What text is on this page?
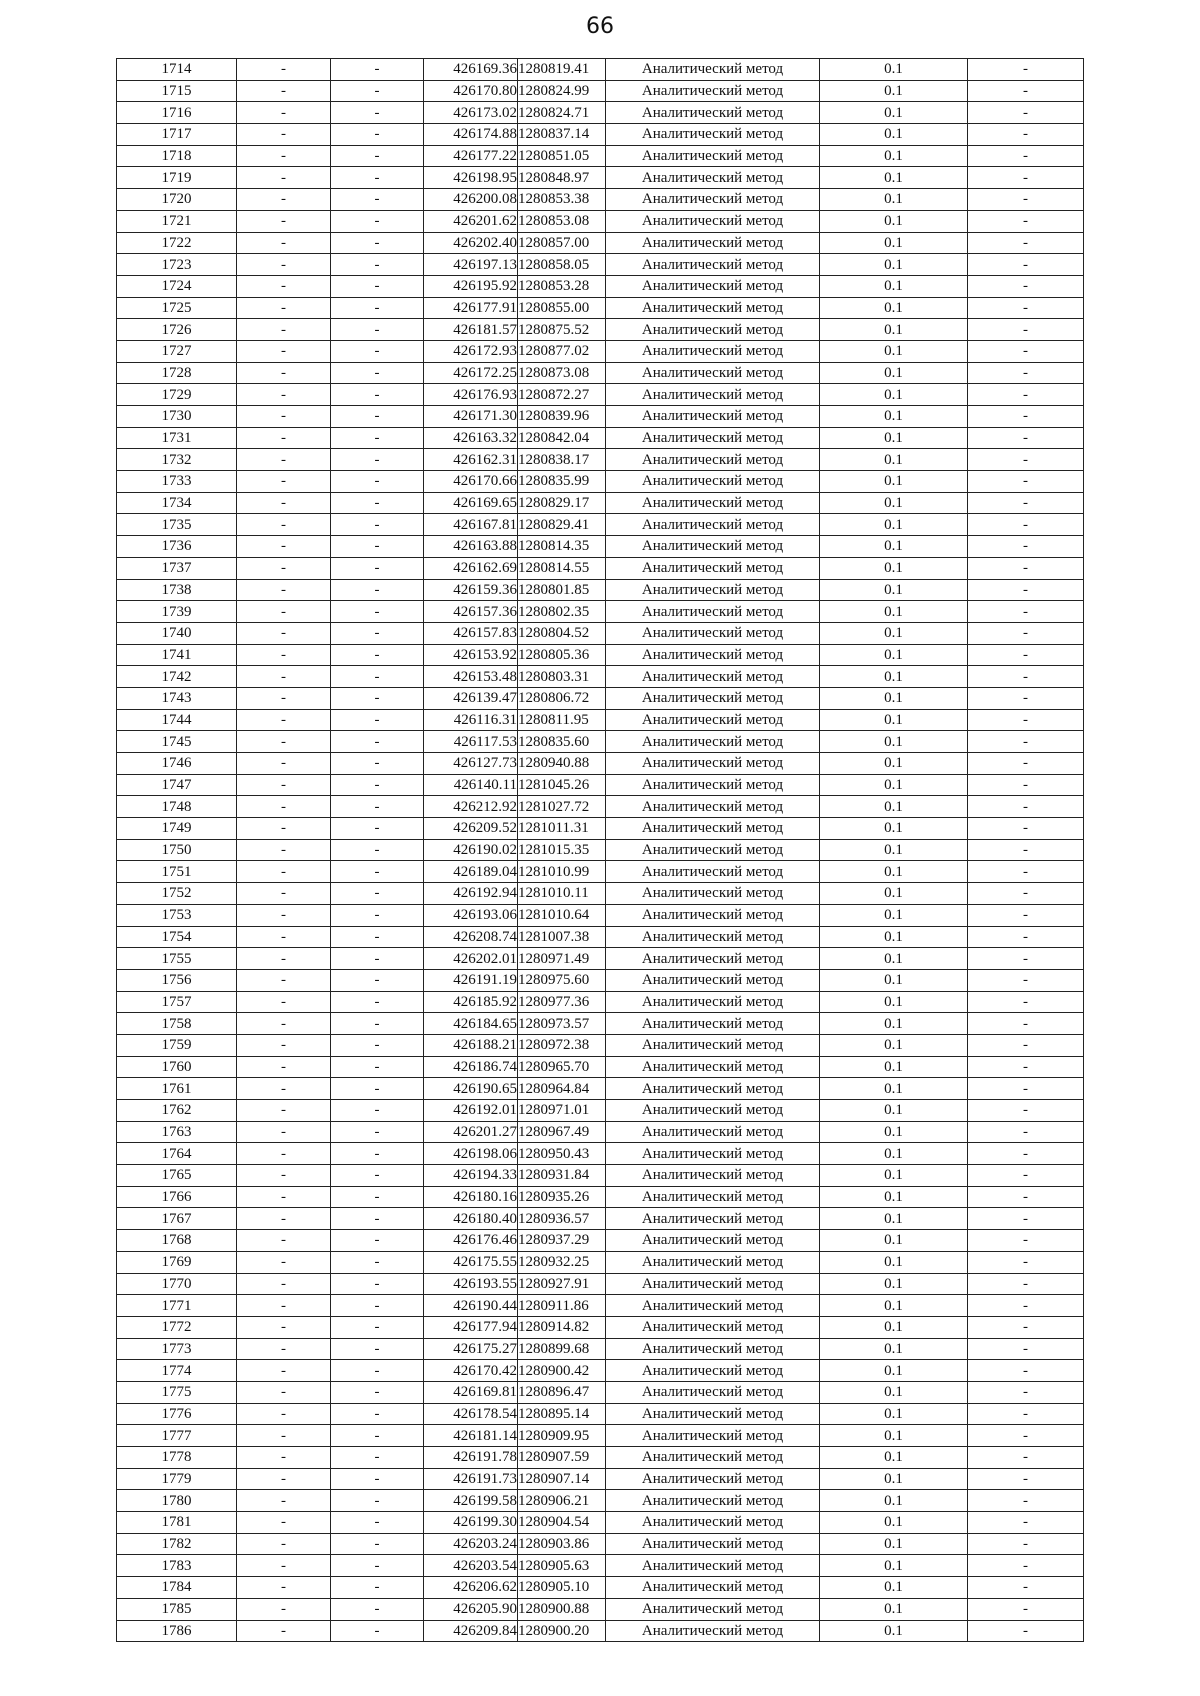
66
1714	-	-	426169.36	1280819.41	Аналитический метод	0.1	-
1715	-	-	426170.80	1280824.99	Аналитический метод	0.1	-
1716	-	-	426173.02	1280824.71	Аналитический метод	0.1	-
1717	-	-	426174.88	1280837.14	Аналитический метод	0.1	-
1718	-	-	426177.22	1280851.05	Аналитический метод	0.1	-
1719	-	-	426198.95	1280848.97	Аналитический метод	0.1	-
1720	-	-	426200.08	1280853.38	Аналитический метод	0.1	-
1721	-	-	426201.62	1280853.08	Аналитический метод	0.1	-
1722	-	-	426202.40	1280857.00	Аналитический метод	0.1	-
1723	-	-	426197.13	1280858.05	Аналитический метод	0.1	-
1724	-	-	426195.92	1280853.28	Аналитический метод	0.1	-
1725	-	-	426177.91	1280855.00	Аналитический метод	0.1	-
1726	-	-	426181.57	1280875.52	Аналитический метод	0.1	-
1727	-	-	426172.93	1280877.02	Аналитический метод	0.1	-
1728	-	-	426172.25	1280873.08	Аналитический метод	0.1	-
1729	-	-	426176.93	1280872.27	Аналитический метод	0.1	-
1730	-	-	426171.30	1280839.96	Аналитический метод	0.1	-
1731	-	-	426163.32	1280842.04	Аналитический метод	0.1	-
1732	-	-	426162.31	1280838.17	Аналитический метод	0.1	-
1733	-	-	426170.66	1280835.99	Аналитический метод	0.1	-
1734	-	-	426169.65	1280829.17	Аналитический метод	0.1	-
1735	-	-	426167.81	1280829.41	Аналитический метод	0.1	-
1736	-	-	426163.88	1280814.35	Аналитический метод	0.1	-
1737	-	-	426162.69	1280814.55	Аналитический метод	0.1	-
1738	-	-	426159.36	1280801.85	Аналитический метод	0.1	-
1739	-	-	426157.36	1280802.35	Аналитический метод	0.1	-
1740	-	-	426157.83	1280804.52	Аналитический метод	0.1	-
1741	-	-	426153.92	1280805.36	Аналитический метод	0.1	-
1742	-	-	426153.48	1280803.31	Аналитический метод	0.1	-
1743	-	-	426139.47	1280806.72	Аналитический метод	0.1	-
1744	-	-	426116.31	1280811.95	Аналитический метод	0.1	-
1745	-	-	426117.53	1280835.60	Аналитический метод	0.1	-
1746	-	-	426127.73	1280940.88	Аналитический метод	0.1	-
1747	-	-	426140.11	1281045.26	Аналитический метод	0.1	-
1748	-	-	426212.92	1281027.72	Аналитический метод	0.1	-
1749	-	-	426209.52	1281011.31	Аналитический метод	0.1	-
1750	-	-	426190.02	1281015.35	Аналитический метод	0.1	-
1751	-	-	426189.04	1281010.99	Аналитический метод	0.1	-
1752	-	-	426192.94	1281010.11	Аналитический метод	0.1	-
1753	-	-	426193.06	1281010.64	Аналитический метод	0.1	-
1754	-	-	426208.74	1281007.38	Аналитический метод	0.1	-
1755	-	-	426202.01	1280971.49	Аналитический метод	0.1	-
1756	-	-	426191.19	1280975.60	Аналитический метод	0.1	-
1757	-	-	426185.92	1280977.36	Аналитический метод	0.1	-
1758	-	-	426184.65	1280973.57	Аналитический метод	0.1	-
1759	-	-	426188.21	1280972.38	Аналитический метод	0.1	-
1760	-	-	426186.74	1280965.70	Аналитический метод	0.1	-
1761	-	-	426190.65	1280964.84	Аналитический метод	0.1	-
1762	-	-	426192.01	1280971.01	Аналитический метод	0.1	-
1763	-	-	426201.27	1280967.49	Аналитический метод	0.1	-
1764	-	-	426198.06	1280950.43	Аналитический метод	0.1	-
1765	-	-	426194.33	1280931.84	Аналитический метод	0.1	-
1766	-	-	426180.16	1280935.26	Аналитический метод	0.1	-
1767	-	-	426180.40	1280936.57	Аналитический метод	0.1	-
1768	-	-	426176.46	1280937.29	Аналитический метод	0.1	-
1769	-	-	426175.55	1280932.25	Аналитический метод	0.1	-
1770	-	-	426193.55	1280927.91	Аналитический метод	0.1	-
1771	-	-	426190.44	1280911.86	Аналитический метод	0.1	-
1772	-	-	426177.94	1280914.82	Аналитический метод	0.1	-
1773	-	-	426175.27	1280899.68	Аналитический метод	0.1	-
1774	-	-	426170.42	1280900.42	Аналитический метод	0.1	-
1775	-	-	426169.81	1280896.47	Аналитический метод	0.1	-
1776	-	-	426178.54	1280895.14	Аналитический метод	0.1	-
1777	-	-	426181.14	1280909.95	Аналитический метод	0.1	-
1778	-	-	426191.78	1280907.59	Аналитический метод	0.1	-
1779	-	-	426191.73	1280907.14	Аналитический метод	0.1	-
1780	-	-	426199.58	1280906.21	Аналитический метод	0.1	-
1781	-	-	426199.30	1280904.54	Аналитический метод	0.1	-
1782	-	-	426203.24	1280903.86	Аналитический метод	0.1	-
1783	-	-	426203.54	1280905.63	Аналитический метод	0.1	-
1784	-	-	426206.62	1280905.10	Аналитический метод	0.1	-
1785	-	-	426205.90	1280900.88	Аналитический метод	0.1	-
1786	-	-	426209.84	1280900.20	Аналитический метод	0.1	-
